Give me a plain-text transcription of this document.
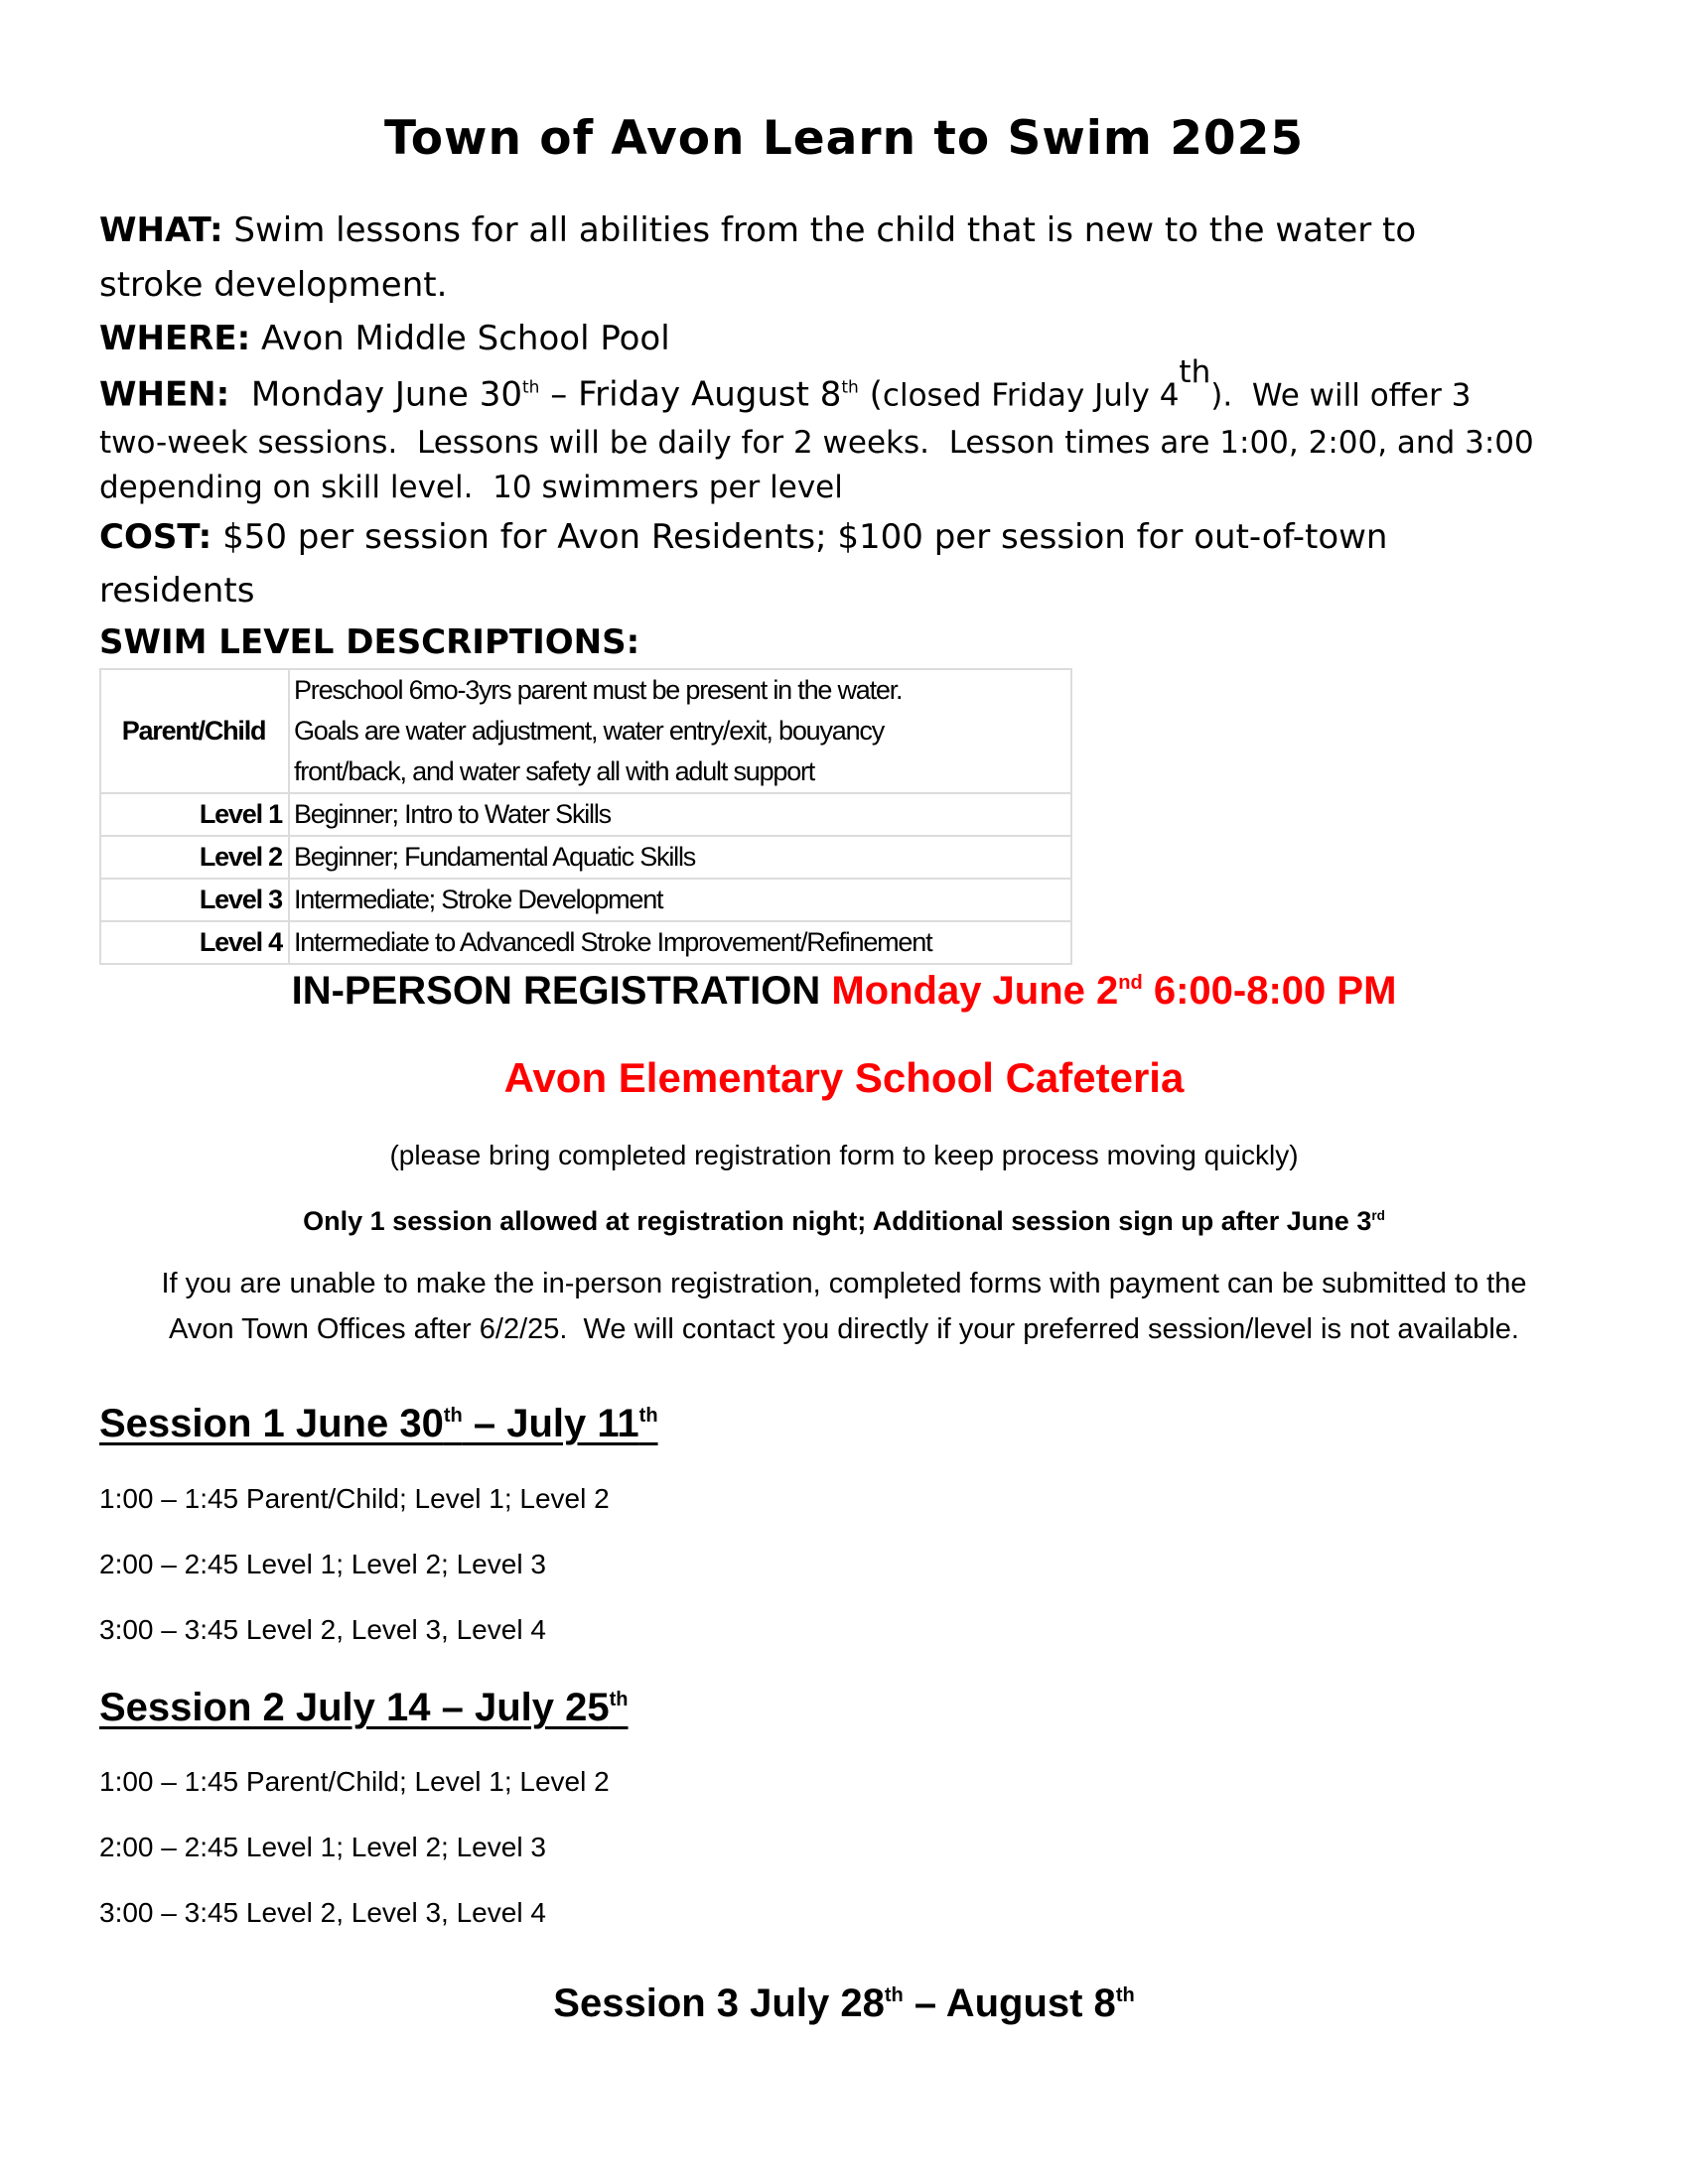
Town of Avon Learn to Swim 2025
WHAT: Swim lessons for all abilities from the child that is new to the water to
stroke development.
WHERE: Avon Middle School Pool
WHEN:  Monday June 30th – Friday August 8th (closed Friday July 4th).  We will offer 3
two-week sessions.  Lessons will be daily for 2 weeks.  Lesson times are 1:00, 2:00, and 3:00
depending on skill level.  10 swimmers per level
COST: $50 per session for Avon Residents; $100 per session for out-of-town
residents
SWIM LEVEL DESCRIPTIONS:
Parent/Child	Preschool 6mo-3yrs parent must be present in the water.
Goals are water adjustment, water entry/exit, bouyancy
front/back, and water safety all with adult support

Level 1	Beginner; Intro to Water Skills
Level 2	Beginner; Fundamental Aquatic Skills
Level 3	Intermediate; Stroke Development
Level 4	Intermediate to Advancedl Stroke Improvement/Refinement
IN-PERSON REGISTRATION Monday June 2nd 6:00-8:00 PM
Avon Elementary School Cafeteria
(please bring completed registration form to keep process moving quickly)
Only 1 session allowed at registration night; Additional session sign up after June 3rd
If you are unable to make the in-person registration, completed forms with payment can be submitted to the
Avon Town Offices after 6/2/25.  We will contact you directly if your preferred session/level is not available.
Session 1 June 30th – July 11th
1:00 – 1:45 Parent/Child; Level 1; Level 2
2:00 – 2:45 Level 1; Level 2; Level 3
3:00 – 3:45 Level 2, Level 3, Level 4
Session 2 July 14 – July 25th
1:00 – 1:45 Parent/Child; Level 1; Level 2
2:00 – 2:45 Level 1; Level 2; Level 3
3:00 – 3:45 Level 2, Level 3, Level 4
Session 3 July 28th – August 8th
